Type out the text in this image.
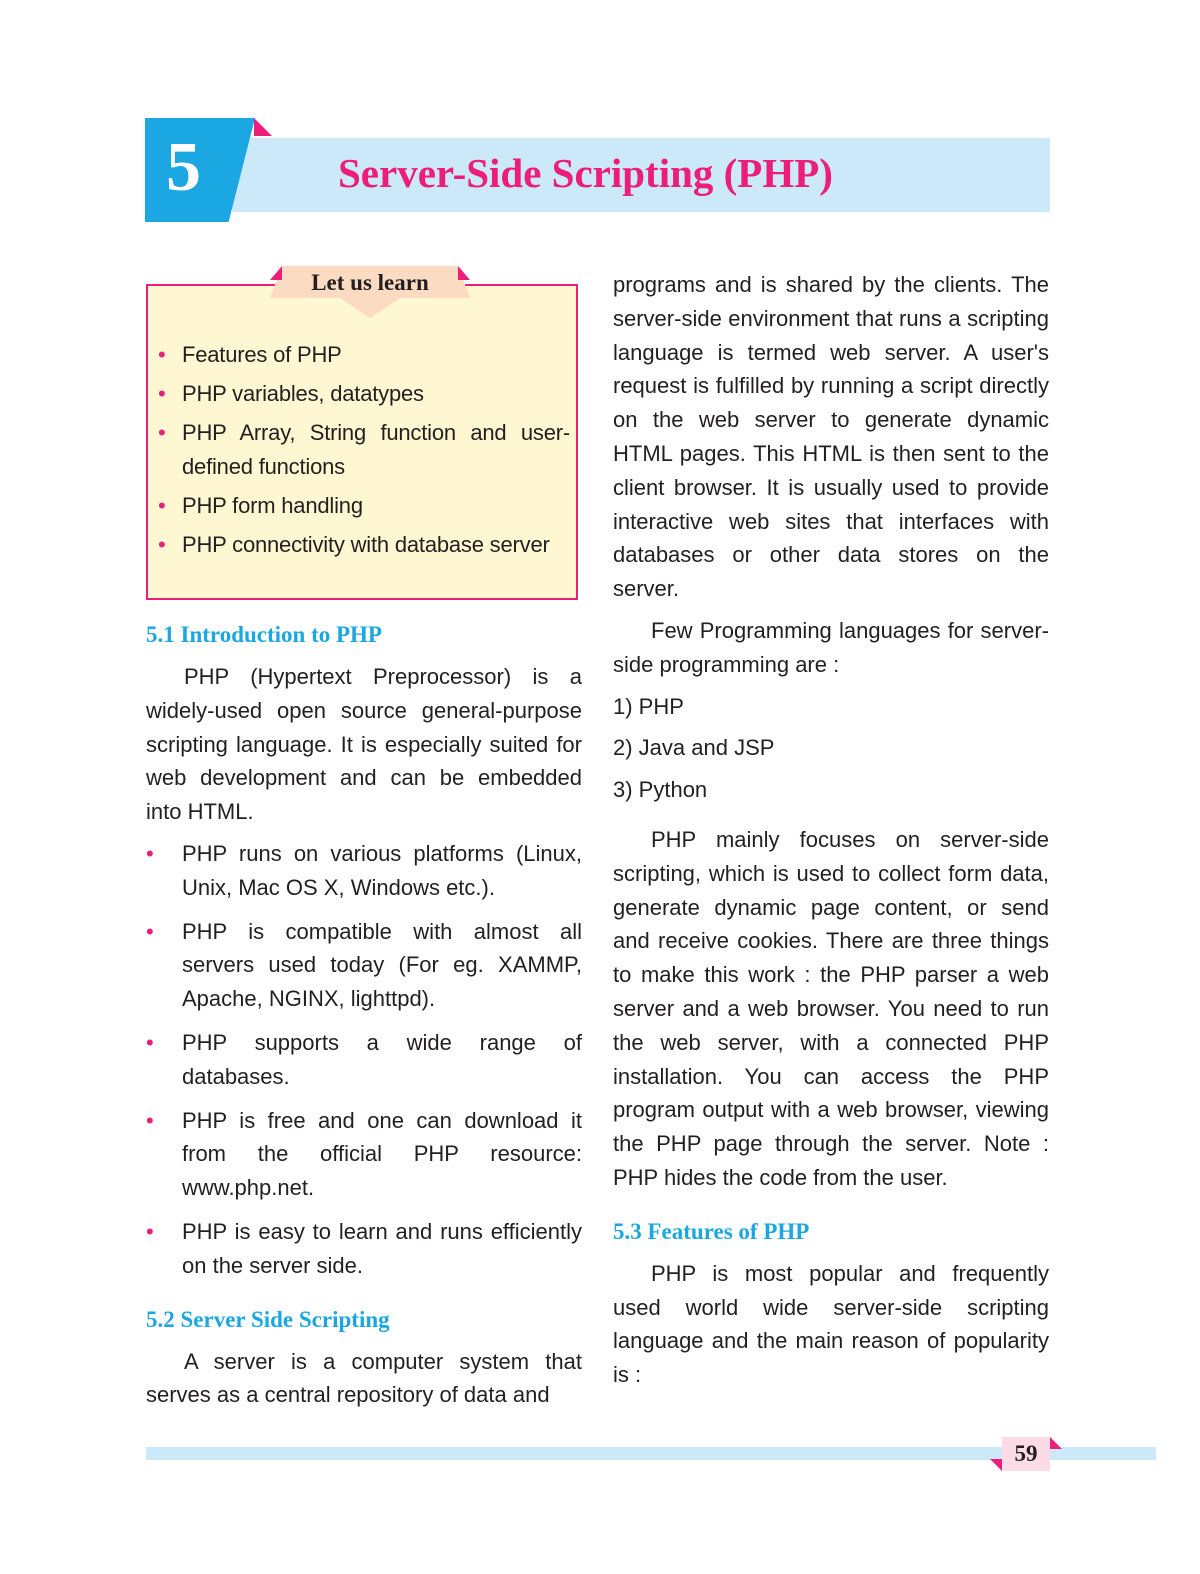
5	Server-Side Scripting (PHP)
Let us learn
• Features of PHP
• PHP variables, datatypes
• PHP Array, String function and user-defined functions
• PHP form handling
• PHP connectivity with database server
5.1 Introduction to PHP

PHP (Hypertext Preprocessor) is a widely-used open source general-purpose scripting language. It is especially suited for web development and can be embedded into HTML.

• PHP runs on various platforms (Linux, Unix, Mac OS X, Windows etc.).
• PHP is compatible with almost all servers used today (For eg. XAMMP, Apache, NGINX, lighttpd).
• PHP supports a wide range of databases.
• PHP is free and one can download it from the official PHP resource: www.php.net.
• PHP is easy to learn and runs efficiently on the server side.
5.2 Server Side Scripting

A server is a computer system that serves as a central repository of data and

programs and is shared by the clients. The server-side environment that runs a scripting language is termed web server. A user's request is fulfilled by running a script directly on the web server to generate dynamic HTML pages. This HTML is then sent to the client browser. It is usually used to provide interactive web sites that interfaces with databases or other data stores on the server.

Few Programming languages for server-side programming are :

1) PHP
2) Java and JSP
3) Python

PHP mainly focuses on server-side scripting, which is used to collect form data, generate dynamic page content, or send and receive cookies. There are three things to make this work : the PHP parser a web server and a web browser. You need to run the web server, with a connected PHP installation. You can access the PHP program output with a web browser, viewing the PHP page through the server. Note : PHP hides the code from the user.

5.3 Features of PHP

PHP is most popular and frequently used world wide server-side scripting language and the main reason of popularity is :

59
